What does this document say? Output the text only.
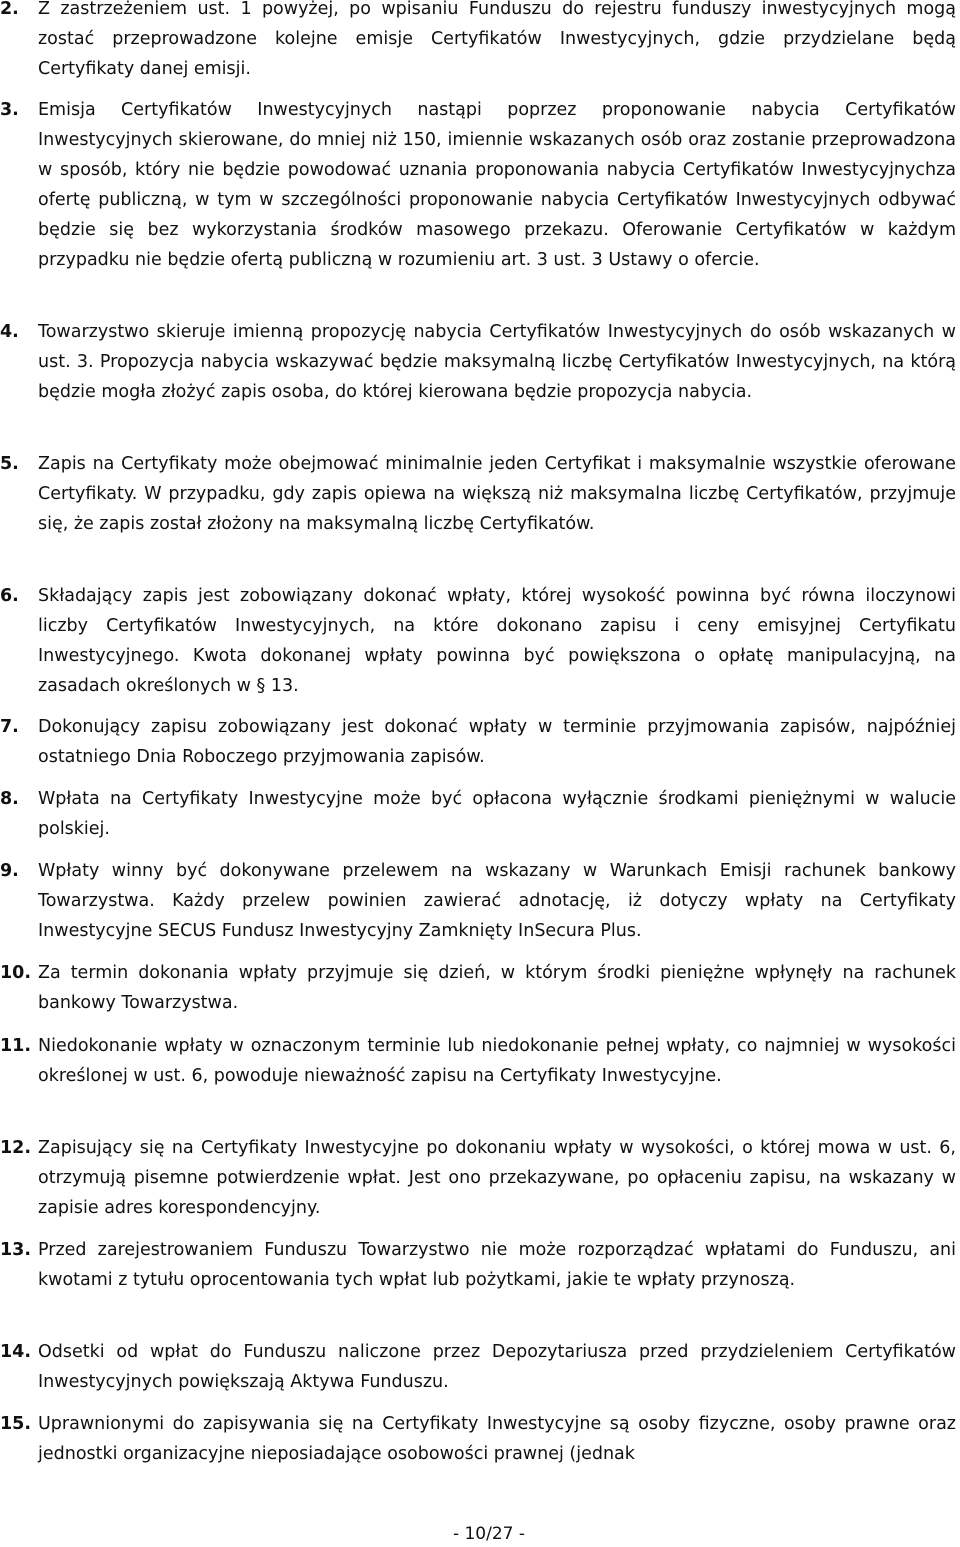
2. Z zastrzeżeniem ust. 1 powyżej, po wpisaniu Funduszu do rejestru funduszy inwestycyjnych mogą zostać przeprowadzone kolejne emisje Certyfikatów Inwestycyjnych, gdzie przydzielane będą Certyfikaty danej emisji.
3. Emisja Certyfikatów Inwestycyjnych nastąpi poprzez proponowanie nabycia Certyfikatów Inwestycyjnych skierowane, do mniej niż 150, imiennie wskazanych osób oraz zostanie przeprowadzona w sposób, który nie będzie powodować uznania proponowania nabycia Certyfikatów Inwestycyjnychza ofertę publiczną, w tym w szczególności proponowanie nabycia Certyfikatów Inwestycyjnych odbywać będzie się bez wykorzystania środków masowego przekazu. Oferowanie Certyfikatów w każdym przypadku nie będzie ofertą publiczną w rozumieniu art. 3 ust. 3 Ustawy o ofercie.
4. Towarzystwo skieruje imienną propozycję nabycia Certyfikatów Inwestycyjnych do osób wskazanych w ust. 3. Propozycja nabycia wskazywać będzie maksymalną liczbę Certyfikatów Inwestycyjnych, na którą będzie mogła złożyć zapis osoba, do której kierowana będzie propozycja nabycia.
5. Zapis na Certyfikaty może obejmować minimalnie jeden Certyfikat i maksymalnie wszystkie oferowane Certyfikaty. W przypadku, gdy zapis opiewa na większą niż maksymalna liczbę Certyfikatów, przyjmuje się, że zapis został złożony na maksymalną liczbę Certyfikatów.
6. Składający zapis jest zobowiązany dokonać wpłaty, której wysokość powinna być równa iloczynowi liczby Certyfikatów Inwestycyjnych, na które dokonano zapisu i ceny emisyjnej Certyfikatu Inwestycyjnego. Kwota dokonanej wpłaty powinna być powiększona o opłatę manipulacyjną, na zasadach określonych w § 13.
7. Dokonujący zapisu zobowiązany jest dokonać wpłaty w terminie przyjmowania zapisów, najpóźniej ostatniego Dnia Roboczego przyjmowania zapisów.
8. Wpłata na Certyfikaty Inwestycyjne może być opłacona wyłącznie środkami pieniężnymi w walucie polskiej.
9. Wpłaty winny być dokonywane przelewem na wskazany w Warunkach Emisji rachunek bankowy Towarzystwa. Każdy przelew powinien zawierać adnotację, iż dotyczy wpłaty na Certyfikaty Inwestycyjne SECUS Fundusz Inwestycyjny Zamknięty InSecura Plus.
10. Za termin dokonania wpłaty przyjmuje się dzień, w którym środki pieniężne wpłynęły na rachunek bankowy Towarzystwa.
11. Niedokonanie wpłaty w oznaczonym terminie lub niedokonanie pełnej wpłaty, co najmniej w wysokości określonej w ust. 6, powoduje nieważność zapisu na Certyfikaty Inwestycyjne.
12. Zapisujący się na Certyfikaty Inwestycyjne po dokonaniu wpłaty w wysokości, o której mowa w ust. 6, otrzymują pisemne potwierdzenie wpłat. Jest ono przekazywane, po opłaceniu zapisu, na wskazany w zapisie adres korespondencyjny.
13. Przed zarejestrowaniem Funduszu Towarzystwo nie może rozporządzać wpłatami do Funduszu, ani kwotami z tytułu oprocentowania tych wpłat lub pożytkami, jakie te wpłaty przynoszą.
14. Odsetki od wpłat do Funduszu naliczone przez Depozytariusza przed przydzieleniem Certyfikatów Inwestycyjnych powiększają Aktywa Funduszu.
15. Uprawnionymi do zapisywania się na Certyfikaty Inwestycyjne są osoby fizyczne, osoby prawne oraz jednostki organizacyjne nieposiadające osobowości prawnej (jednak
- 10/27 -
